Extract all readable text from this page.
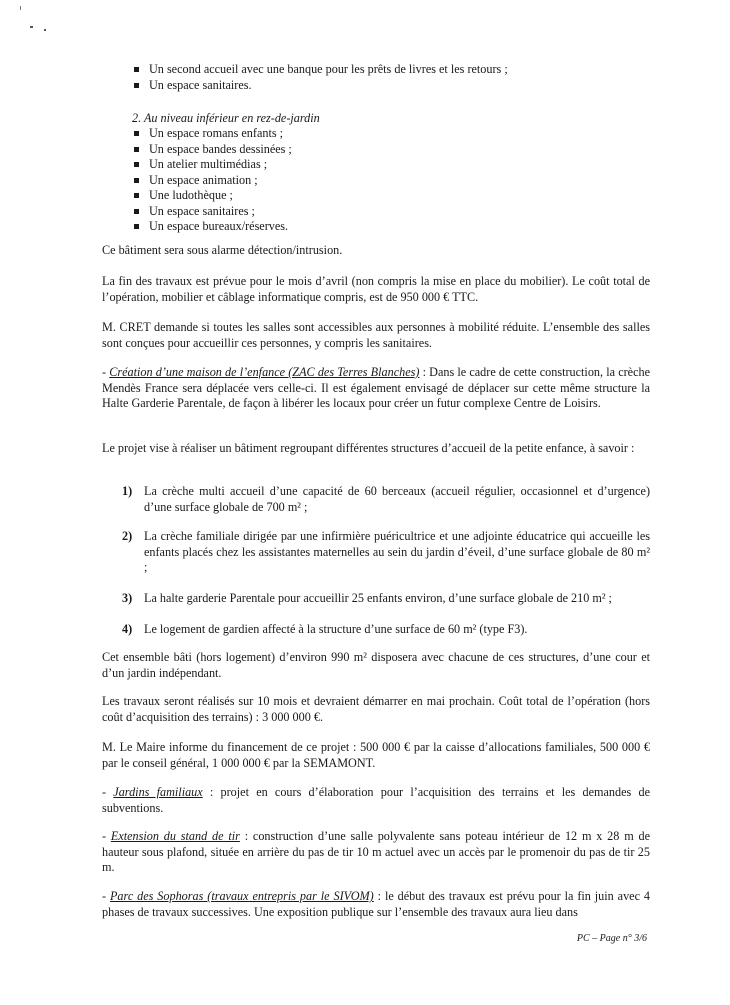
Un second accueil avec une banque pour les prêts de livres et les retours ;
Un espace sanitaires.
2. Au niveau inférieur en rez-de-jardin
Un espace romans enfants ;
Un espace bandes dessinées ;
Un atelier multimédias ;
Un espace animation ;
Une ludothèque ;
Un espace sanitaires ;
Un espace bureaux/réserves.

Ce bâtiment sera sous alarme détection/intrusion.

La fin des travaux est prévue pour le mois d’avril (non compris la mise en place du mobilier). Le coût total de l’opération, mobilier et câblage informatique compris, est de 950 000 € TTC.

M. CRET demande si toutes les salles sont accessibles aux personnes à mobilité réduite. L’ensemble des salles sont conçues pour accueillir ces personnes, y compris les sanitaires.

- Création d’une maison de l’enfance (ZAC des Terres Blanches) : Dans le cadre de cette construction, la crèche Mendès France sera déplacée vers celle-ci. Il est également envisagé de déplacer sur cette même structure la Halte Garderie Parentale, de façon à libérer les locaux pour créer un futur complexe Centre de Loisirs.

Le projet vise à réaliser un bâtiment regroupant différentes structures d’accueil de la petite enfance, à savoir :

1) La crèche multi accueil d’une capacité de 60 berceaux (accueil régulier, occasionnel et d’urgence) d’une surface globale de 700 m² ;
2) La crèche familiale dirigée par une infirmière puéricultrice et une adjointe éducatrice qui accueille les enfants placés chez les assistantes maternelles au sein du jardin d’éveil, d’une surface globale de 80 m² ;
3) La halte garderie Parentale pour accueillir 25 enfants environ, d’une surface globale de 210 m² ;
4) Le logement de gardien affecté à la structure d’une surface de 60 m² (type F3).

Cet ensemble bâti (hors logement) d’environ 990 m² disposera avec chacune de ces structures, d’une cour et d’un jardin indépendant.

Les travaux seront réalisés sur 10 mois et devraient démarrer en mai prochain. Coût total de l’opération (hors coût d’acquisition des terrains) : 3 000 000 €.

M. Le Maire informe du financement de ce projet : 500 000 € par la caisse d’allocations familiales, 500 000 € par le conseil général, 1 000 000 € par la SEMAMONT.

- Jardins familiaux : projet en cours d’élaboration pour l’acquisition des terrains et les demandes de subventions.

- Extension du stand de tir : construction d’une salle polyvalente sans poteau intérieur de 12 m x 28 m de hauteur sous plafond, située en arrière du pas de tir 10 m actuel avec un accès par le promenoir du pas de tir 25 m.

- Parc des Sophoras (travaux entrepris par le SIVOM) : le début des travaux est prévu pour la fin juin avec 4 phases de travaux successives. Une exposition publique sur l’ensemble des travaux aura lieu dans

PC – Page n° 3/6
